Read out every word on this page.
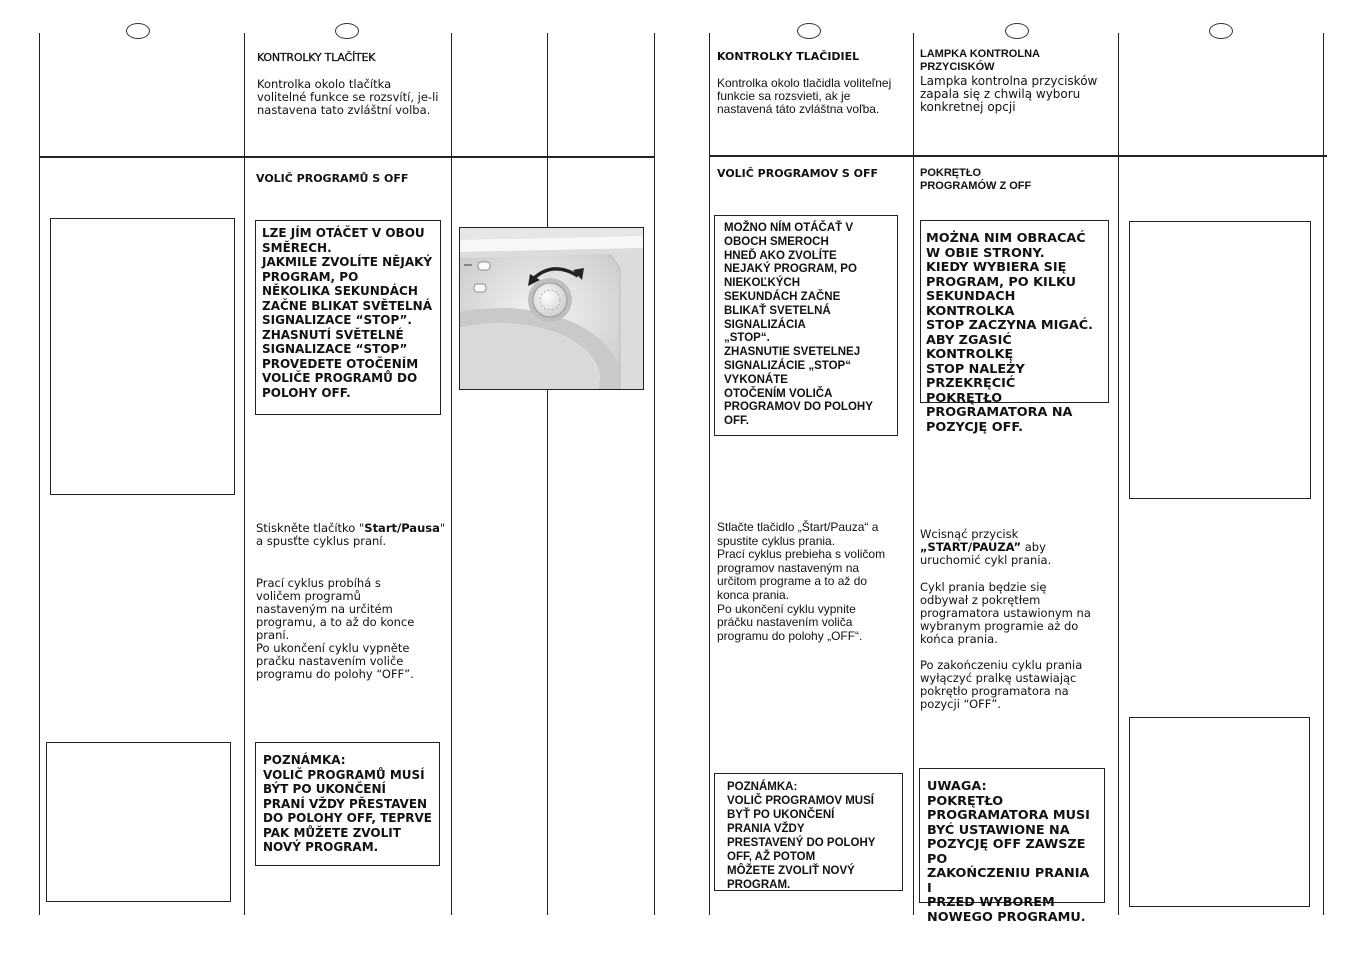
KONTROLKY TLAČÍTEK
Kontrolka okolo tlačítka
volitelné funkce se rozsvítí, je-li
nastavena tato zvláštní volba.
VOLIČ PROGRAMŮ S OFF
LZE JÍM OTÁČET V OBOU
SMĚRECH.
JAKMILE ZVOLÍTE NĚJAKÝ
PROGRAM, PO
NĚKOLIKA SEKUNDÁCH
ZAČNE BLIKAT SVĚTELNÁ
SIGNALIZACE “STOP”.
ZHASNUTÍ SVĚTELNÉ
SIGNALIZACE “STOP”
PROVEDETE OTOČENÍM
VOLIČE PROGRAMŮ DO
POLOHY OFF.
Stiskněte tlačítko "Start/Pausa"
a spusťte cyklus praní.
Prací cyklus probíhá s
voličem programů
nastaveným na určitém
programu, a to až do konce
praní.
Po ukončení cyklu vypněte
pračku nastavením voliče
programu do polohy “OFF”.
POZNÁMKA:
VOLIČ PROGRAMŮ MUSÍ
BÝT PO UKONČENÍ
PRANÍ VŽDY PŘESTAVEN
DO POLOHY OFF, TEPRVE
PAK MŮŽETE ZVOLIT
NOVÝ PROGRAM.
KONTROLKY TLAČIDIEL
Kontrolka okolo tlačidla voliteľnej
funkcie sa rozsvieti, ak je
nastavená táto zvláštna voľba.
VOLIČ PROGRAMOV S OFF
MOŽNO NÍM OTÁČAŤ V
OBOCH SMEROCH
HNEĎ AKO ZVOLÍTE
NEJAKÝ PROGRAM, PO
NIEKOĽKÝCH
SEKUNDÁCH ZAČNE
BLIKAŤ SVETELNÁ
SIGNALIZÁCIA
„STOP“.
ZHASNUTIE SVETELNEJ
SIGNALIZÁCIE „STOP“
VYKONÁTE
OTOČENÍM VOLIČA
PROGRAMOV DO POLOHY
OFF.
Stlačte tlačidlo „Štart/Pauza“ a
spustite cyklus prania.
Prací cyklus prebieha s voličom
programov nastaveným na
určitom programe a to až do
konca prania.
Po ukončení cyklu vypnite
práčku nastavením voliča
programu do polohy „OFF“.
POZNÁMKA:
VOLIČ PROGRAMOV MUSÍ
BYŤ PO UKONČENÍ
PRANIA VŽDY
PRESTAVENÝ DO POLOHY
OFF, AŽ POTOM
MÔŽETE ZVOLIŤ NOVÝ
PROGRAM.
LAMPKA KONTROLNA
PRZYCISKÓW
Lampka kontrolna przycisków
zapala się z chwilą wyboru
konkretnej opcji
POKRĘTŁO
PROGRAMÓW Z OFF
MOŻNA NIM OBRACAĆ
W OBIE STRONY.
KIEDY WYBIERA SIĘ
PROGRAM, PO KILKU
SEKUNDACH KONTROLKA
STOP ZACZYNA MIGAĆ.
ABY ZGASIĆ KONTROLKĘ
STOP NALEŻY PRZEKRĘCIĆ
POKRĘTŁO
PROGRAMATORA NA
POZYCJĘ OFF.
Wcisnąć przycisk
„START/PAUZA” aby
uruchomić cykl prania.
Cykl prania będzie się
odbywał z pokrętłem
programatora ustawionym na
wybranym programie aż do
końca prania.

Po zakończeniu cyklu prania
wyłączyć pralkę ustawiając
pokrętło programatora na
pozycji “OFF”.
UWAGA:
POKRĘTŁO
PROGRAMATORA MUSI
BYĆ USTAWIONE NA
POZYCJĘ OFF ZAWSZE PO
ZAKOŃCZENIU PRANIA I
PRZED WYBOREM
NOWEGO PROGRAMU.
